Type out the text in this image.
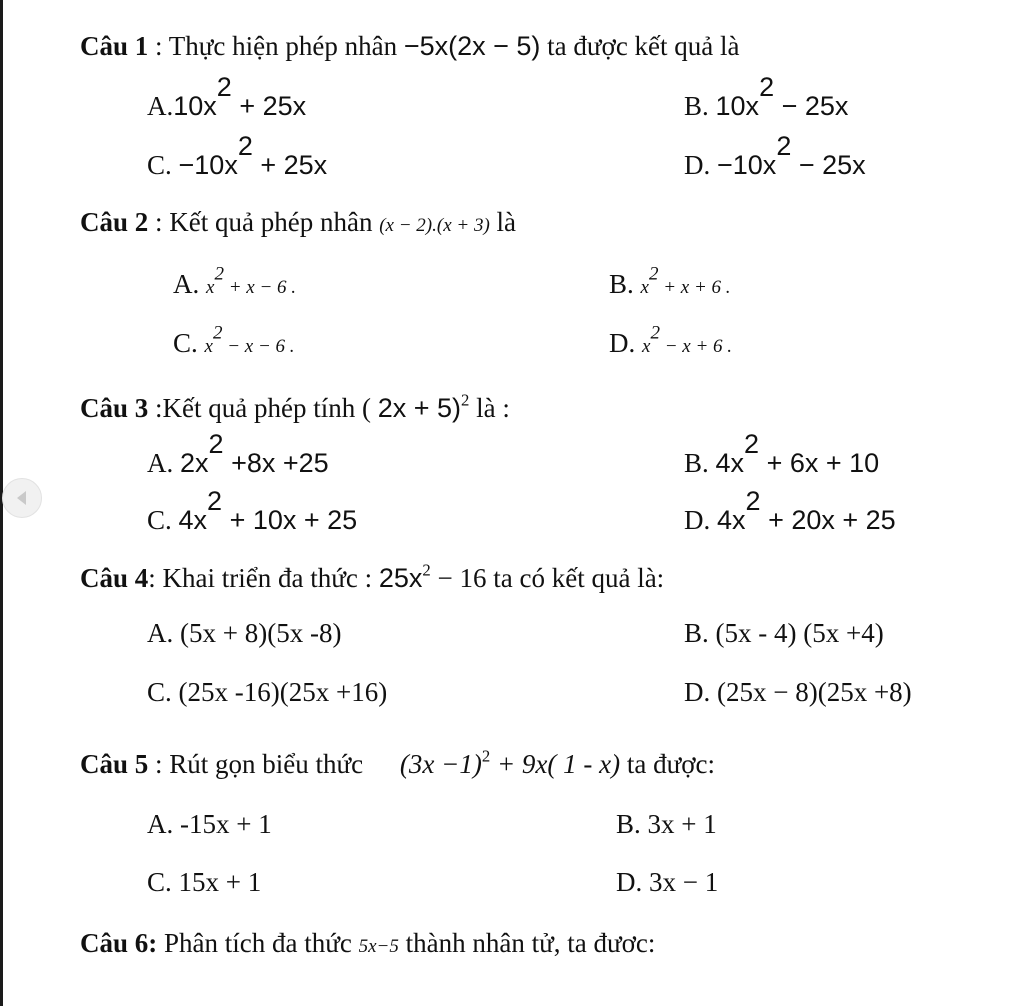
Câu 1 : Thực hiện phép nhân −5x(2x − 5) ta được kết quả là
$A.10x^2 + 25x$	B. $10x^2 - 25x$
C. $-10x^2 + 25x$	D. $-10x^2 - 25x$
Câu 2 : Kết quả phép nhân (x − 2).(x + 3) là
A. $x^2 + x - 6$ .	B. $x^2 + x + 6$ .
C. $x^2 - x - 6$ .	D. $x^2 - x + 6$ .
Câu 3 :Kết quả phép tính ( 2x + 5)$^2$ là :
A. $2x^2 +8x +25$	B. $4x^2 + 6x + 10$
C. $4x^2 + 10x + 25$	D. $4x^2 + 20x + 25$
Câu 4: Khai triển đa thức : $25x^2 - 16$ ta có kết quả là:
A. (5x + 8)(5x -8)	B. (5x - 4) (5x +4)
C. (25x -16)(25x +16)	D. (25x − 8)(25x +8)
Câu 5 : Rút gọn biểu thức $(3x -1)^2 + 9x$( 1 - x) ta được:
A. -15x + 1	B. 3x + 1
C. 15x + 1	D. 3x − 1
Câu 6: Phân tích đa thức 5x−5 thành nhân tử, ta đươc:
